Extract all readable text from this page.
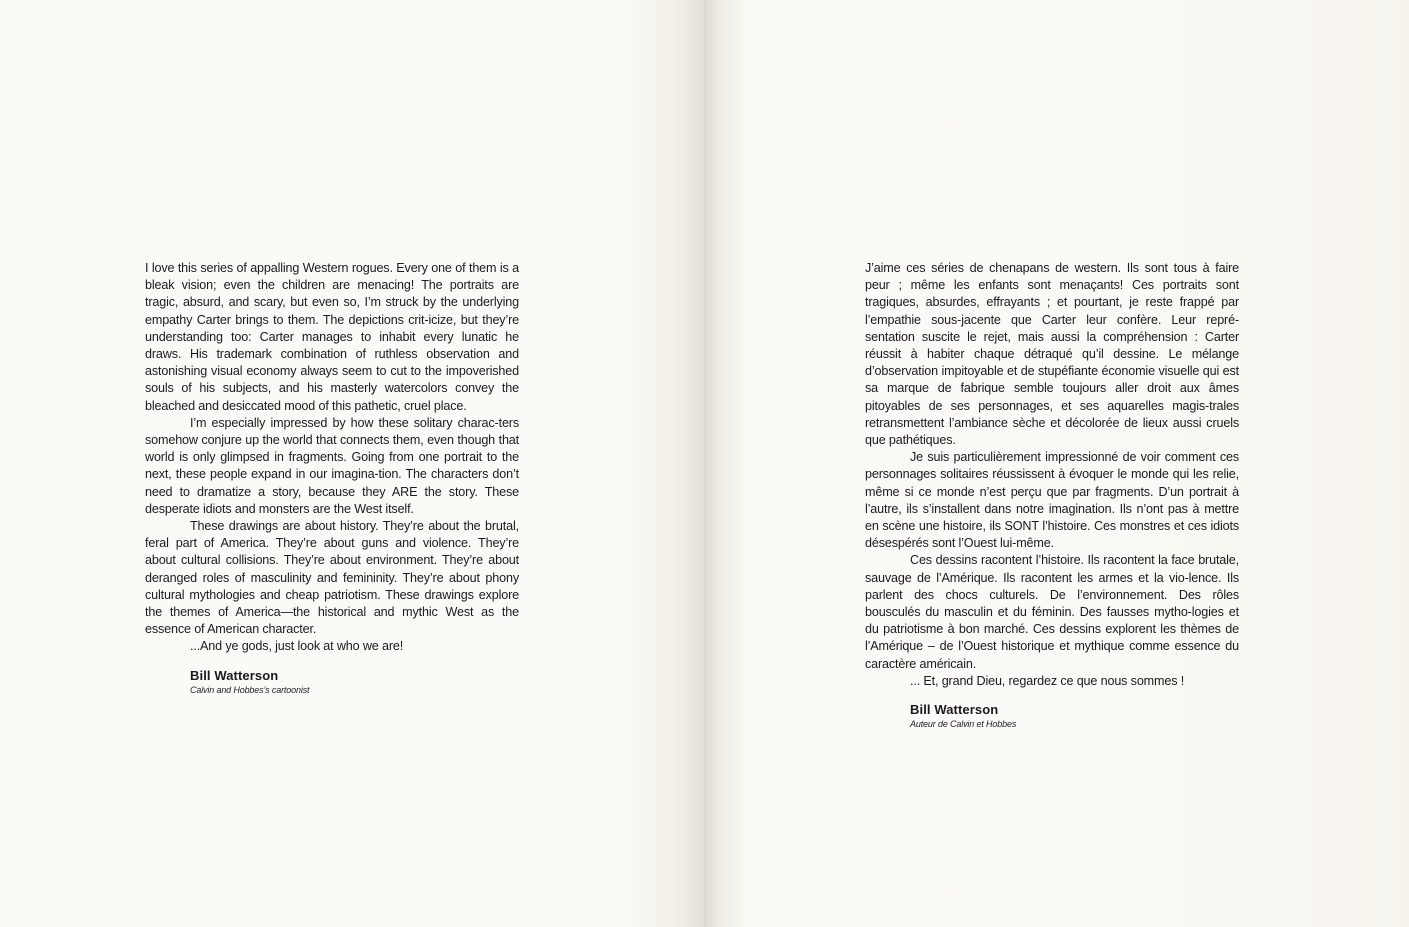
I love this series of appalling Western rogues. Every one of them is a bleak vision; even the children are menacing! The portraits are tragic, absurd, and scary, but even so, I’m struck by the underlying empathy Carter brings to them. The depictions crit-icize, but they’re understanding too: Carter manages to inhabit every lunatic he draws. His trademark combination of ruthless observation and astonishing visual economy always seem to cut to the impoverished souls of his subjects, and his masterly watercolors convey the bleached and desiccated mood of this pathetic, cruel place.

I’m especially impressed by how these solitary charac-ters somehow conjure up the world that connects them, even though that world is only glimpsed in fragments. Going from one portrait to the next, these people expand in our imagina-tion. The characters don’t need to dramatize a story, because they ARE the story. These desperate idiots and monsters are the West itself.

These drawings are about history. They’re about the brutal, feral part of America. They’re about guns and violence. They’re about cultural collisions. They’re about environment. They’re about deranged roles of masculinity and femininity. They’re about phony cultural mythologies and cheap patriotism. These drawings explore the themes of America—the historical and mythic West as the essence of American character.

...And ye gods, just look at who we are!

Bill Watterson
Calvin and Hobbes’s cartoonist

J’aime ces séries de chenapans de western. Ils sont tous à faire peur ; même les enfants sont menaçants! Ces portraits sont tragiques, absurdes, effrayants ; et pourtant, je reste frappé par l’empathie sous-jacente que Carter leur confère. Leur repré-sentation suscite le rejet, mais aussi la compréhension : Carter réussit à habiter chaque détraqué qu’il dessine. Le mélange d’observation impitoyable et de stupéfiante économie visuelle qui est sa marque de fabrique semble toujours aller droit aux âmes pitoyables de ses personnages, et ses aquarelles magis-trales retransmettent l’ambiance sèche et décolorée de lieux aussi cruels que pathétiques.

Je suis particulièrement impressionné de voir comment ces personnages solitaires réussissent à évoquer le monde qui les relie, même si ce monde n’est perçu que par fragments. D’un portrait à l’autre, ils s’installent dans notre imagination. Ils n’ont pas à mettre en scène une histoire, ils SONT l’histoire. Ces monstres et ces idiots désespérés sont l’Ouest lui-même.

Ces dessins racontent l’histoire. Ils racontent la face brutale, sauvage de l’Amérique. Ils racontent les armes et la vio-lence. Ils parlent des chocs culturels. De l’environnement. Des rôles bousculés du masculin et du féminin. Des fausses mytho-logies et du patriotisme à bon marché. Ces dessins explorent les thèmes de l’Amérique – de l’Ouest historique et mythique comme essence du caractère américain.

... Et, grand Dieu, regardez ce que nous sommes !

Bill Watterson
Auteur de Calvin et Hobbes
